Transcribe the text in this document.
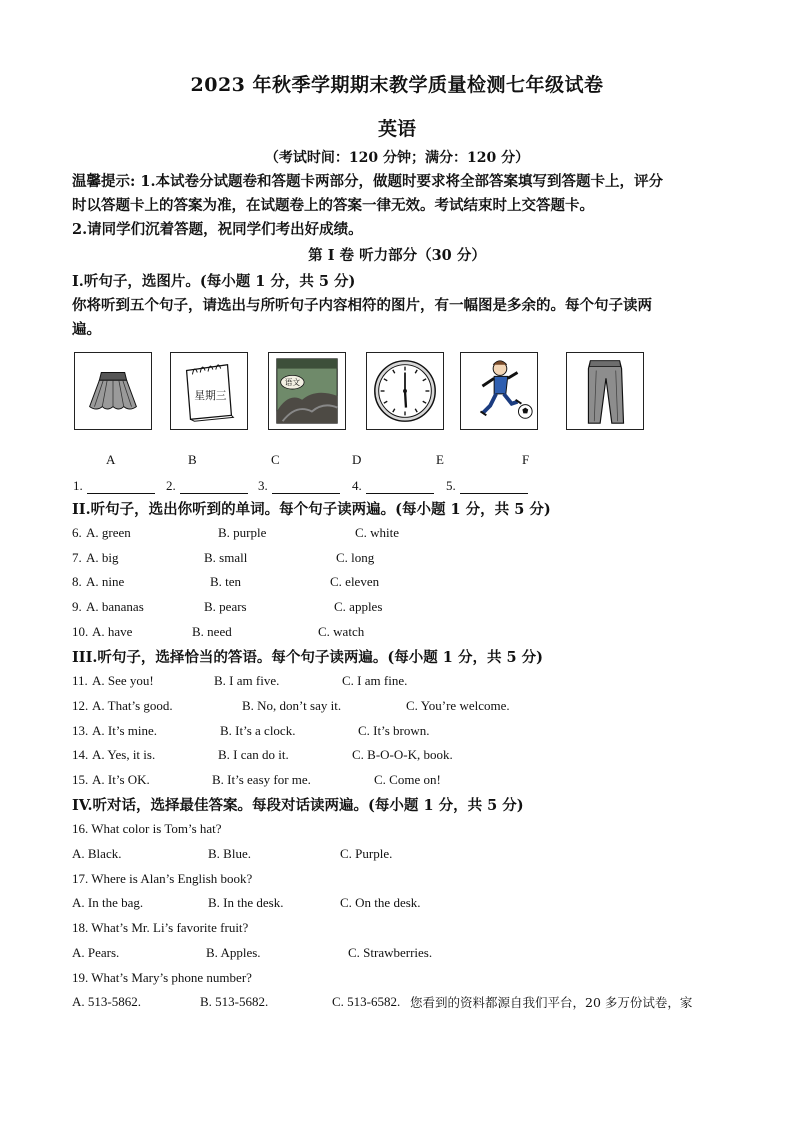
2023 年秋季学期期末教学质量检测七年级试卷
英语
（考试时间：120 分钟；满分：120 分）
温馨提示: 1.本试卷分试题卷和答题卡两部分，做题时要求将全部答案填写到答题卡上，评分
时以答题卡上的答案为准，在试题卷上的答案一律无效。考试结束时上交答题卡。
2.请同学们沉着答题，祝同学们考出好成绩。
第 I 卷 听力部分（30 分）
I.听句子，选图片。(每小题 1 分，共 5 分)
你将听到五个句子，请选出与所听句子内容相符的图片，有一幅图是多余的。每个句子读两
遍。
星期三
语文
A	B	C	D	E	F
1.	2.	3.	4.	5.
II.听句子，选出你听到的单词。每个句子读两遍。(每小题 1 分，共 5 分)
6. A. green	B. purple	C. white
7. A. big	B. small	C. long
8. A. nine	B. ten	C. eleven
9. A. bananas	B. pears	C. apples
10. A. have	B. need	C. watch
III.听句子，选择恰当的答语。每个句子读两遍。(每小题 1 分，共 5 分)
11. A. See you!	B. I am five.	C. I am fine.
12. A. That’s good.	B. No, don’t say it.	C. You’re welcome.
13. A. It’s mine.	B. It’s a clock.	C. It’s brown.
14. A. Yes, it is.	B. I can do it.	C. B-O-O-K, book.
15. A. It’s OK.	B. It’s easy for me.	C. Come on!
IV.听对话，选择最佳答案。每段对话读两遍。(每小题 1 分，共 5 分)
16. What color is Tom’s hat?
A. Black.	B. Blue.	C. Purple.
17. Where is Alan’s English book?
A. In the bag.	B. In the desk.	C. On the desk.
18. What’s Mr. Li’s favorite fruit?
A. Pears.	B. Apples.	C. Strawberries.
19. What’s Mary’s phone number?
A. 513-5862.	B. 513-5682.	C. 513-6582. 您看到的资料都源自我们平台，20 多万份试卷，家
